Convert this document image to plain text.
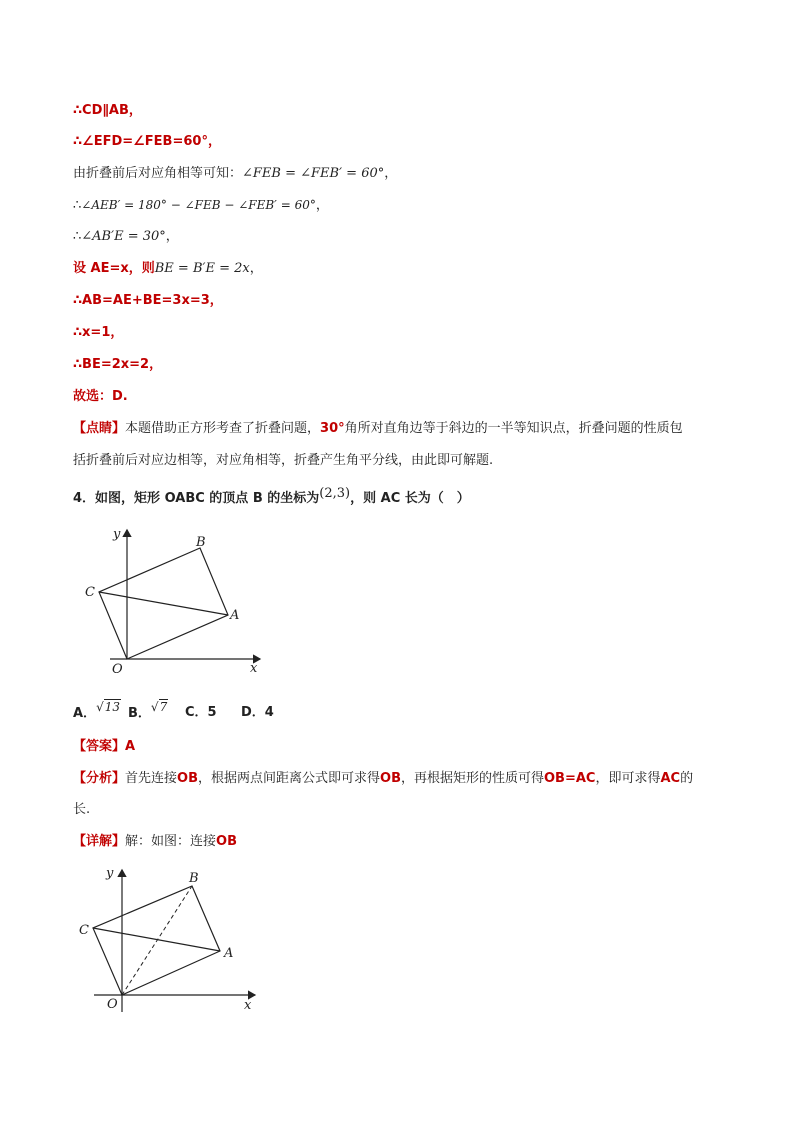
∴CD∥AB，
∴∠EFD=∠FEB=60°，
由折叠前后对应角相等可知：∠FEB = ∠FEB′ = 60°，
∴∠AEB′ = 180° − ∠FEB − ∠FEB′ = 60°，
∴∠AB′E = 30°，
设 AE=x，则BE = B′E = 2x，
∴AB=AE+BE=3x=3，
∴x=1，
∴BE=2x=2，
故选：D.
【点睛】本题借助正方形考查了折叠问题，30°角所对直角边等于斜边的一半等知识点，折叠问题的性质包
括折叠前后对应边相等，对应角相等，折叠产生角平分线，由此即可解题.
4．如图，矩形 OABC 的顶点 B 的坐标为(2,3)，则 AC 长为（　）
y
x
O
A
B
C
A．√13 B．√7 C．5 D．4
【答案】A
【分析】首先连接OB，根据两点间距离公式即可求得OB，再根据矩形的性质可得OB=AC，即可求得AC的
长.
【详解】解：如图：连接OB
y
x
O
A
B
C
